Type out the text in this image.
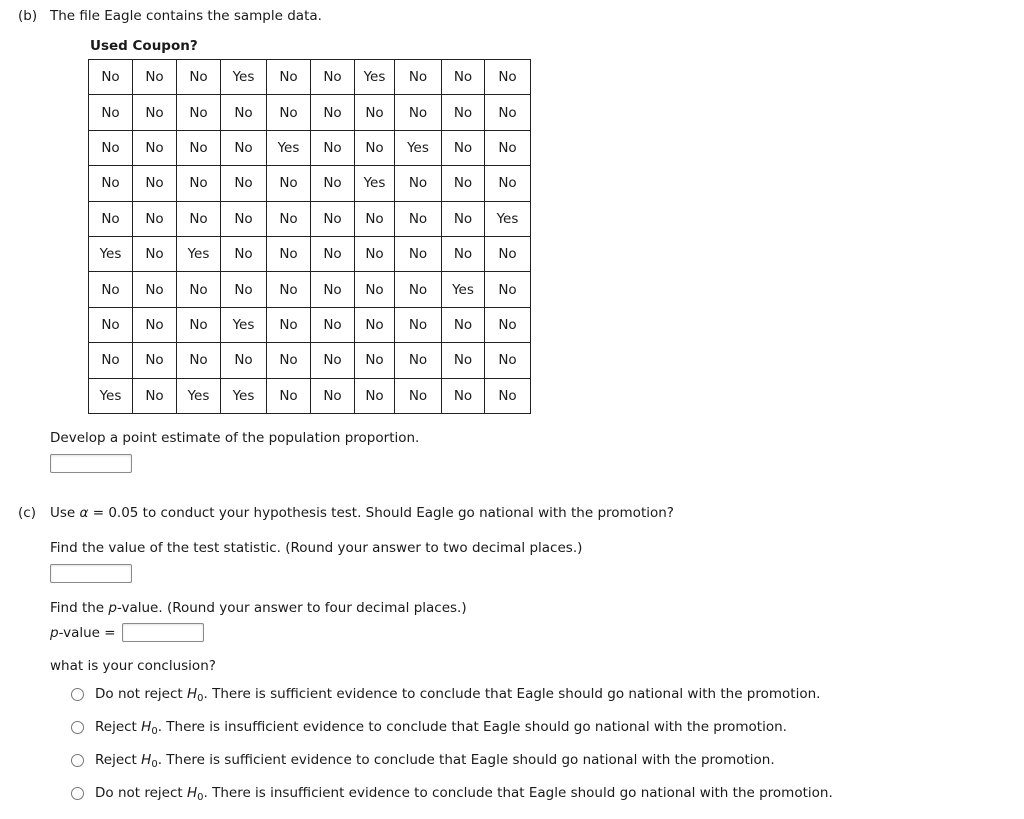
(b) The file Eagle contains the sample data.
Used Coupon?
No	No	No	Yes	No	No	Yes	No	No	No
No	No	No	No	No	No	No	No	No	No
No	No	No	No	Yes	No	No	Yes	No	No
No	No	No	No	No	No	Yes	No	No	No
No	No	No	No	No	No	No	No	No	Yes
Yes	No	Yes	No	No	No	No	No	No	No
No	No	No	No	No	No	No	No	Yes	No
No	No	No	Yes	No	No	No	No	No	No
No	No	No	No	No	No	No	No	No	No
Yes	No	Yes	Yes	No	No	No	No	No	No
Develop a point estimate of the population proportion.
(c) Use α = 0.05 to conduct your hypothesis test. Should Eagle go national with the promotion?
Find the value of the test statistic. (Round your answer to two decimal places.)
Find the p-value. (Round your answer to four decimal places.)
p-value =
what is your conclusion?
Do not reject $H_0$. There is sufficient evidence to conclude that Eagle should go national with the promotion.
Reject $H_0$. There is insufficient evidence to conclude that Eagle should go national with the promotion.
Reject $H_0$. There is sufficient evidence to conclude that Eagle should go national with the promotion.
Do not reject $H_0$. There is insufficient evidence to conclude that Eagle should go national with the promotion.
